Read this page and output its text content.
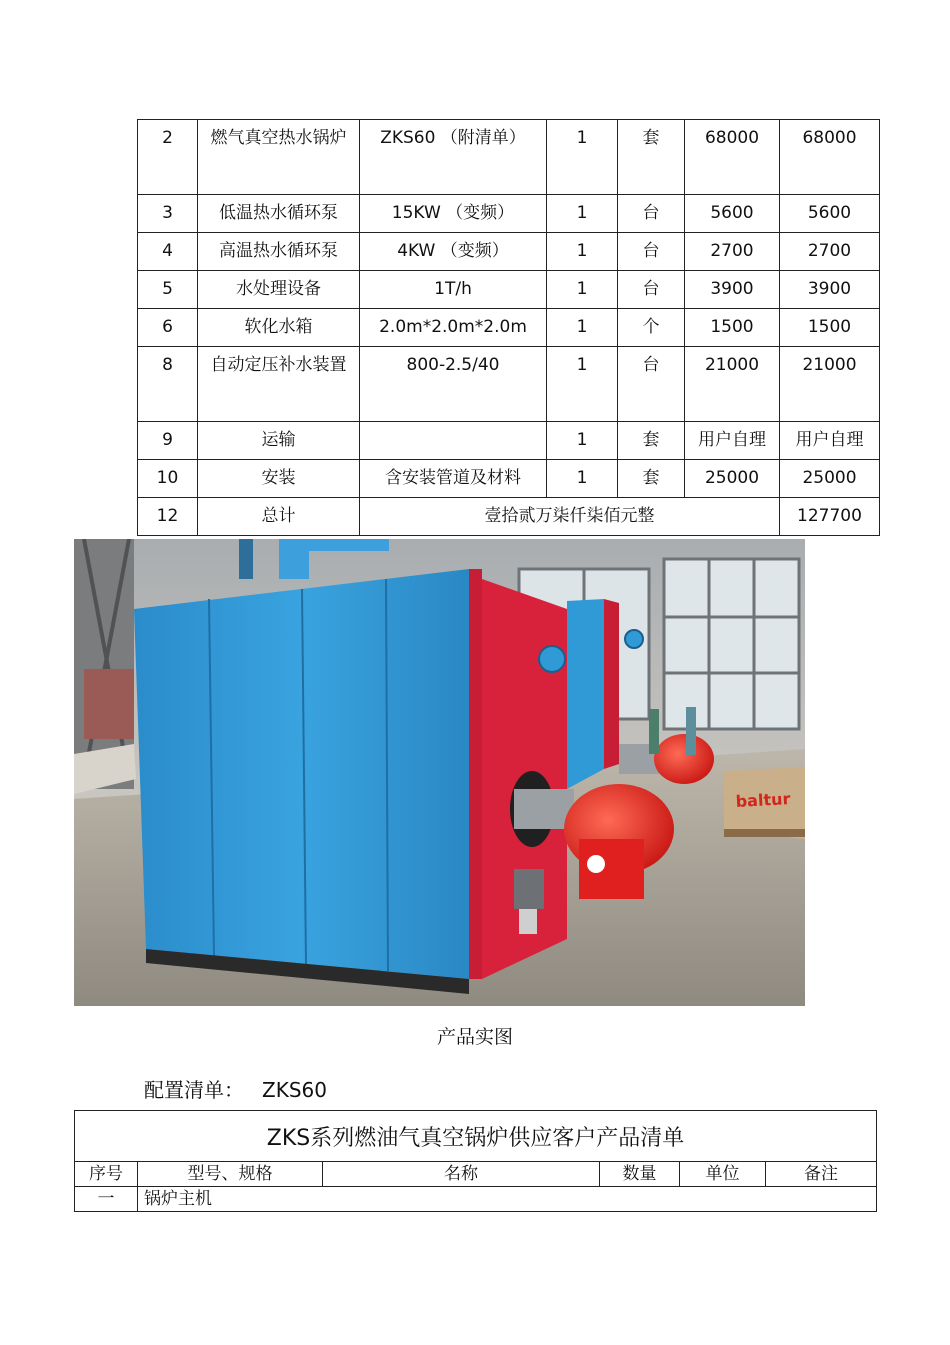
2	燃气真空热水锅炉	ZKS60 （附清单）	1	套	68000	68000
3	低温热水循环泵	15KW （变频）	1	台	5600	5600
4	高温热水循环泵	4KW （变频）	1	台	2700	2700
5	水处理设备	1T/h	1	台	3900	3900
6	软化水箱	2.0m*2.0m*2.0m	1	个	1500	1500
8	自动定压补水装置	800-2.5/40	1	台	21000	21000
9	运输		1	套	用户自理	用户自理
10	安装	含安装管道及材料	1	套	25000	25000
12	总计	壹拾贰万柒仟柒佰元整				127700
baltur
产品实图
配置清单： ZKS60
ZKS系列燃油气真空锅炉供应客户产品清单					
序号	型号、规格	名称	数量	单位	备注
一	锅炉主机				
